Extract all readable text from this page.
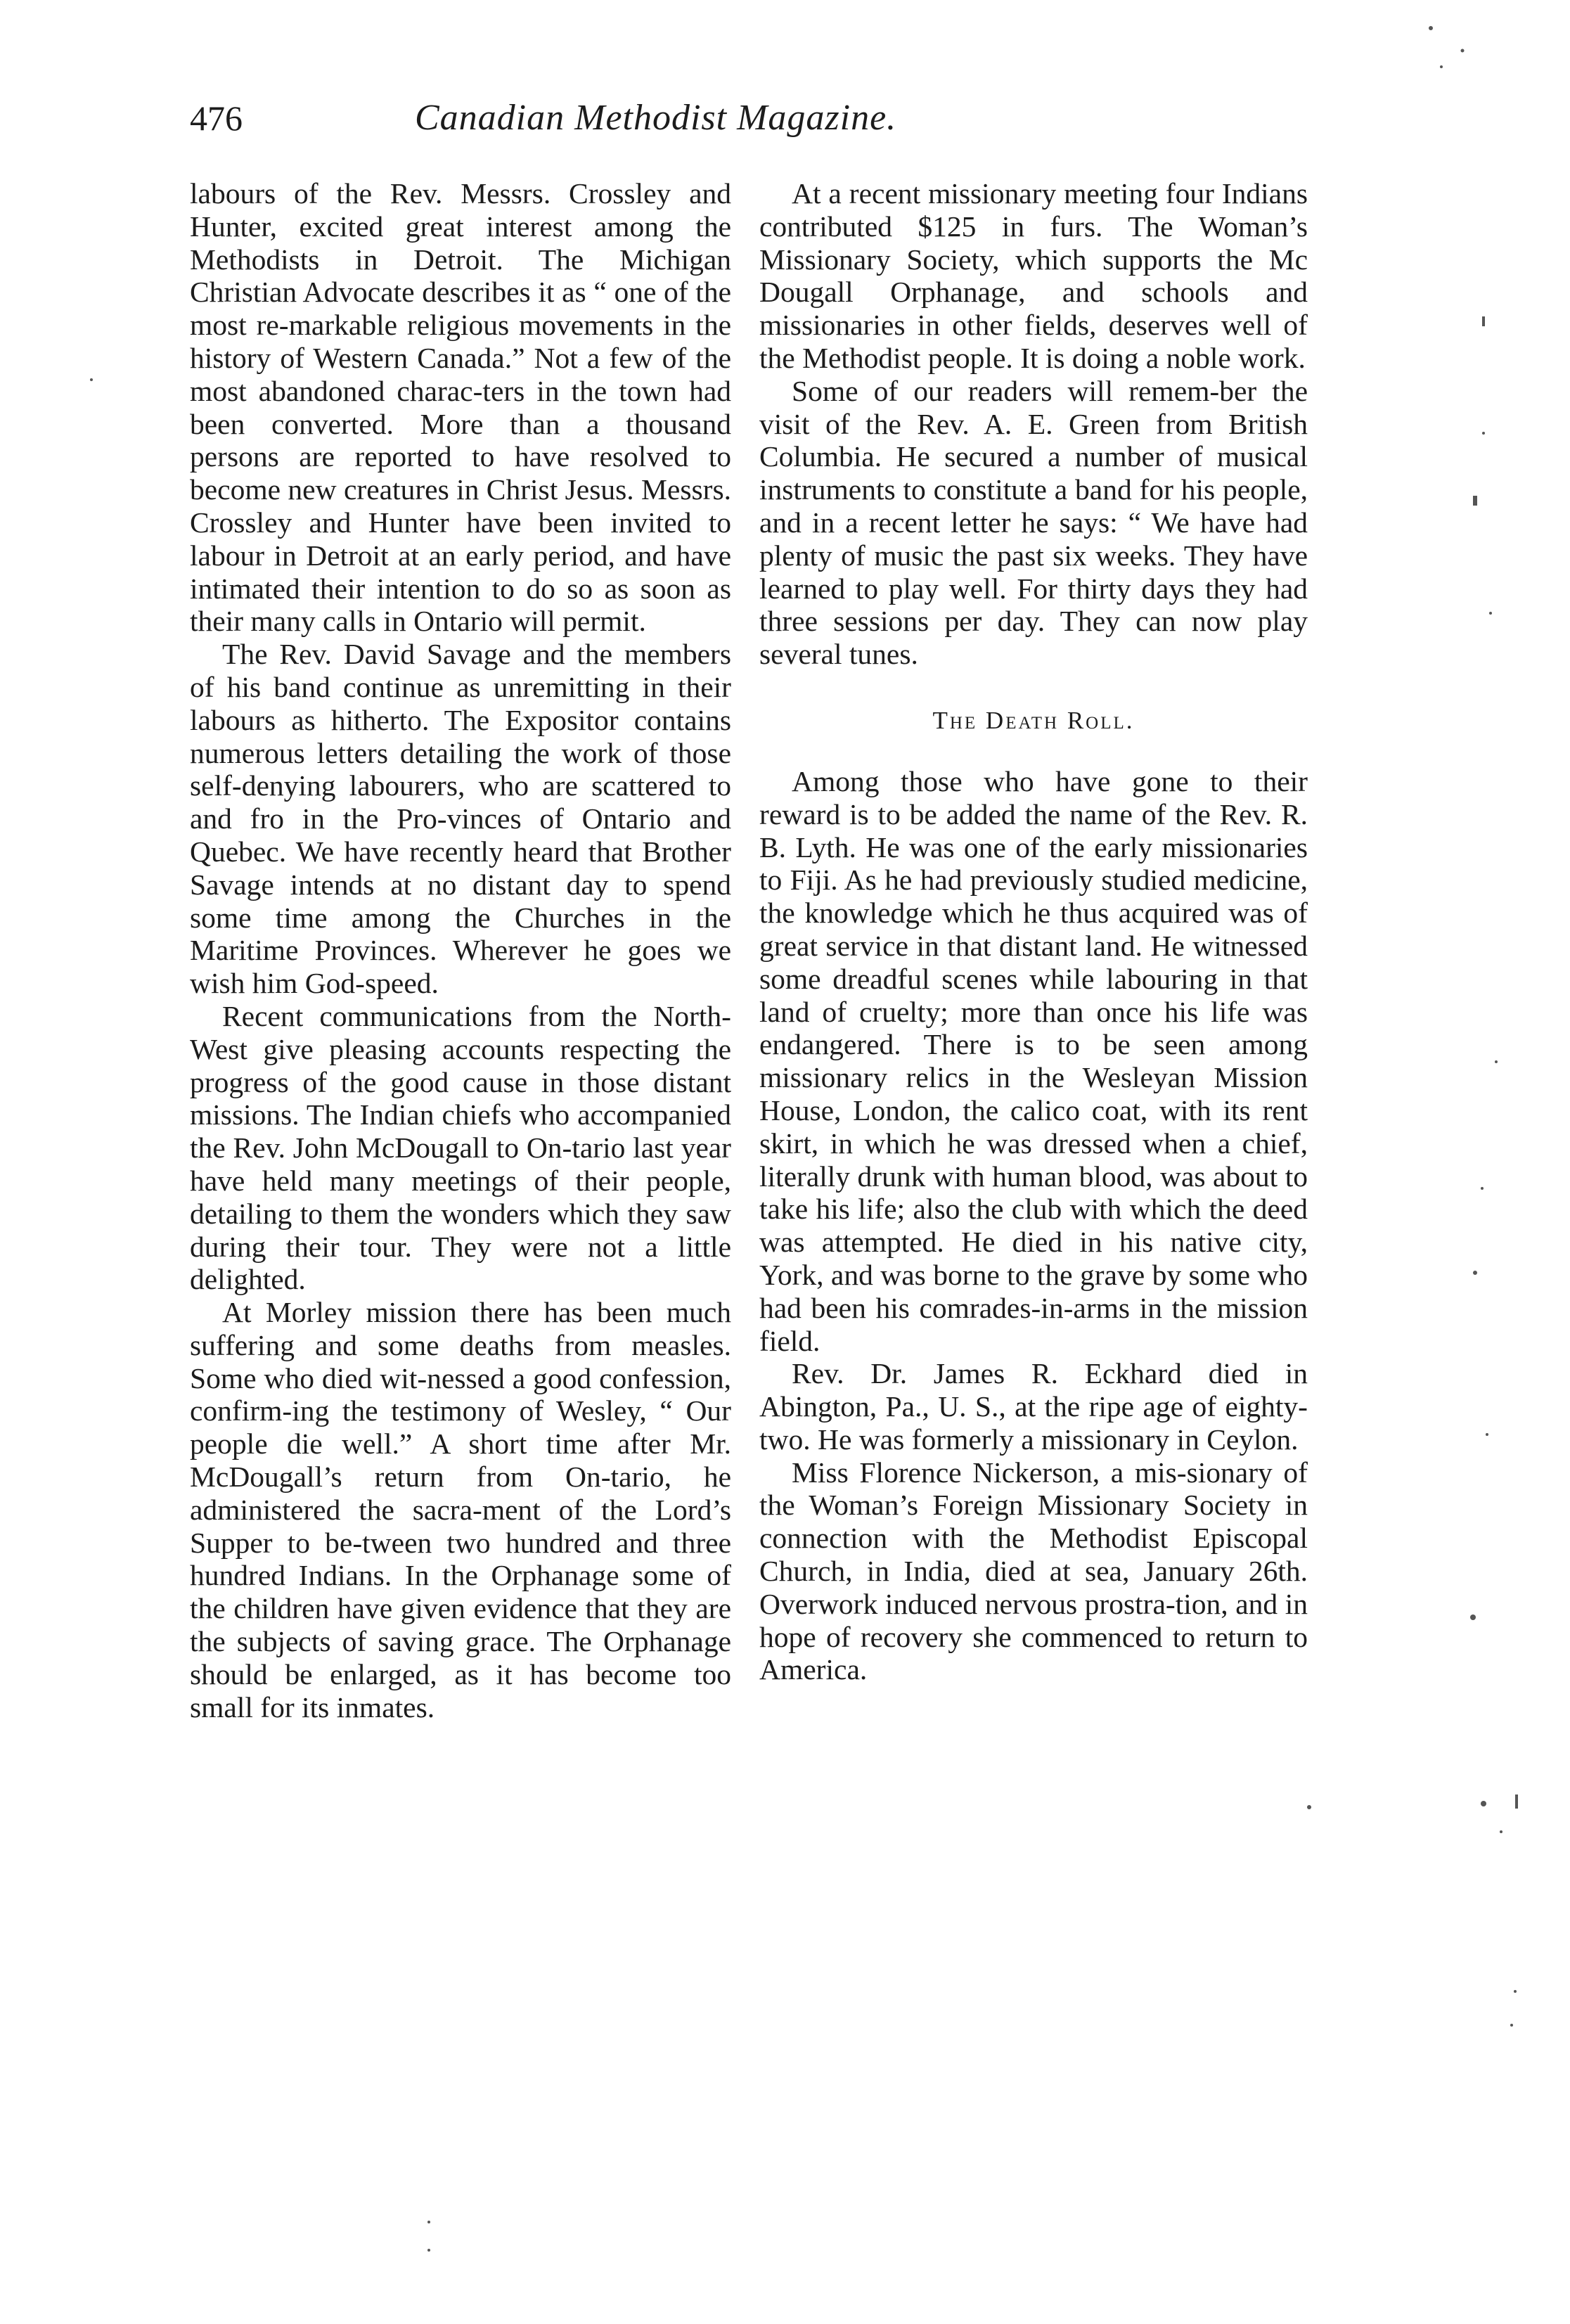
476	Canadian Methodist Magazine.

labours of the Rev. Messrs. Crossley and Hunter, excited great interest among the Methodists in Detroit. The Michigan Christian Advocate describes it as “ one of the most re-markable religious movements in the history of Western Canada.” Not a few of the most abandoned charac-ters in the town had been converted. More than a thousand persons are reported to have resolved to become new creatures in Christ Jesus. Messrs. Crossley and Hunter have been invited to labour in Detroit at an early period, and have intimated their intention to do so as soon as their many calls in Ontario will permit.

The Rev. David Savage and the members of his band continue as unremitting in their labours as hitherto. The Expositor contains numerous letters detailing the work of those self-denying labourers, who are scattered to and fro in the Pro-vinces of Ontario and Quebec. We have recently heard that Brother Savage intends at no distant day to spend some time among the Churches in the Maritime Provinces. Wherever he goes we wish him God-speed.

Recent communications from the North-West give pleasing accounts respecting the progress of the good cause in those distant missions. The Indian chiefs who accompanied the Rev. John McDougall to On-tario last year have held many meetings of their people, detailing to them the wonders which they saw during their tour. They were not a little delighted.

At Morley mission there has been much suffering and some deaths from measles. Some who died wit-nessed a good confession, confirm-ing the testimony of Wesley, “ Our people die well.” A short time after Mr. McDougall’s return from On-tario, he administered the sacra-ment of the Lord’s Supper to be-tween two hundred and three hundred Indians. In the Orphanage some of the children have given evidence that they are the subjects of saving grace. The Orphanage should be enlarged, as it has become too small for its inmates.

At a recent missionary meeting four Indians contributed $125 in furs. The Woman’s Missionary Society, which supports the Mc Dougall Orphanage, and schools and missionaries in other fields, deserves well of the Methodist people. It is doing a noble work.

Some of our readers will remem-ber the visit of the Rev. A. E. Green from British Columbia. He secured a number of musical instruments to constitute a band for his people, and in a recent letter he says: “ We have had plenty of music the past six weeks. They have learned to play well. For thirty days they had three sessions per day. They can now play several tunes.

The Death Roll.

Among those who have gone to their reward is to be added the name of the Rev. R. B. Lyth. He was one of the early missionaries to Fiji. As he had previously studied medicine, the knowledge which he thus acquired was of great service in that distant land. He witnessed some dreadful scenes while labouring in that land of cruelty; more than once his life was endangered. There is to be seen among missionary relics in the Wesleyan Mission House, London, the calico coat, with its rent skirt, in which he was dressed when a chief, literally drunk with human blood, was about to take his life; also the club with which the deed was attempted. He died in his native city, York, and was borne to the grave by some who had been his comrades-in-arms in the mission field.

Rev. Dr. James R. Eckhard died in Abington, Pa., U. S., at the ripe age of eighty-two. He was formerly a missionary in Ceylon.

Miss Florence Nickerson, a mis-sionary of the Woman’s Foreign Missionary Society in connection with the Methodist Episcopal Church, in India, died at sea, January 26th. Overwork induced nervous prostra-tion, and in hope of recovery she commenced to return to America.
